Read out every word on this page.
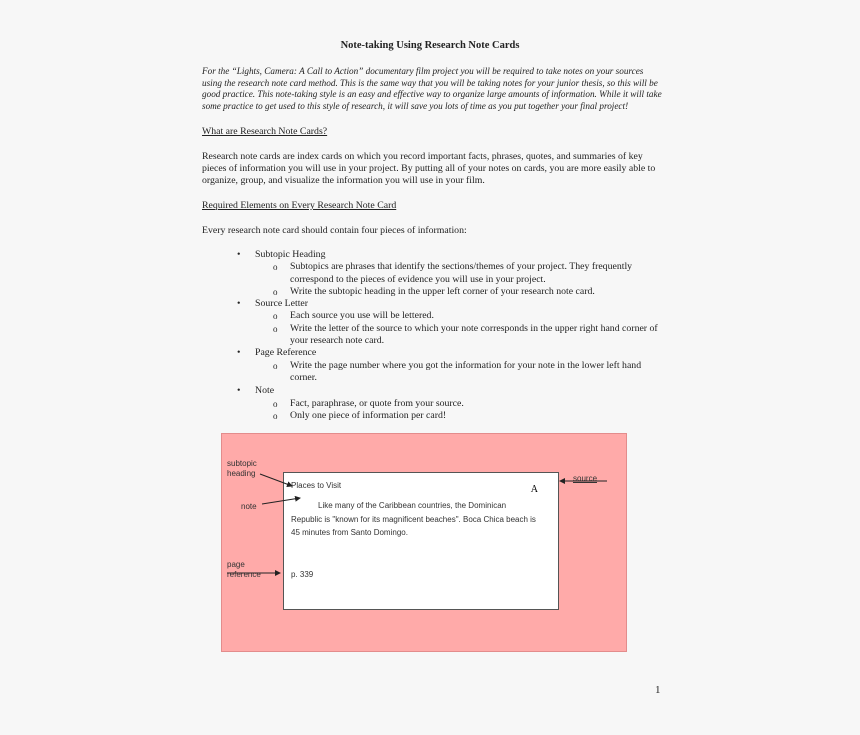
Note-taking Using Research Note Cards
For the “Lights, Camera: A Call to Action” documentary film project you will be required to take notes on your sources using the research note card method. This is the same way that you will be taking notes for your junior thesis, so this will be good practice. This note-taking style is an easy and effective way to organize large amounts of information. While it will take some practice to get used to this style of research, it will save you lots of time as you put together your final project!
What are Research Note Cards?
Research note cards are index cards on which you record important facts, phrases, quotes, and summaries of key pieces of information you will use in your project. By putting all of your notes on cards, you are more easily able to organize, group, and visualize the information you will use in your film.
Required Elements on Every Research Note Card
Every research note card should contain four pieces of information:
• Subtopic Heading
o Subtopics are phrases that identify the sections/themes of your project. They frequently correspond to the pieces of evidence you will use in your project.
o Write the subtopic heading in the upper left corner of your research note card.
• Source Letter
o Each source you use will be lettered.
o Write the letter of the source to which your note corresponds in the upper right hand corner of your research note card.
• Page Reference
o Write the page number where you got the information for your note in the lower left hand corner.
• Note
o Fact, paraphrase, or quote from your source.
o Only one piece of information per card!
Places to Visit	A
Like many of the Caribbean countries, the Dominican Republic is "known for its magnificent beaches". Boca Chica beach is 45 minutes from Santo Domingo.
p. 339
subtopic
heading
note
page
reference
source
1
